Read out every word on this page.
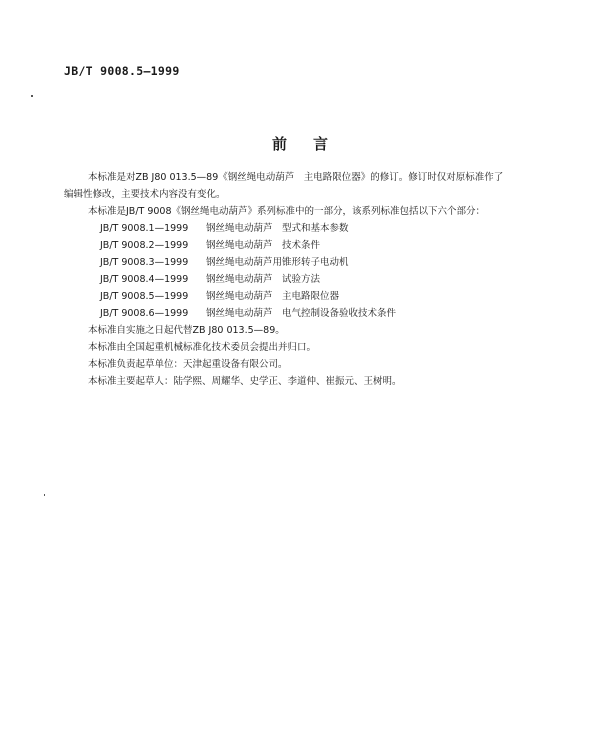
JB/T 9008.5—1999
前言
本标准是对ZB J80 013.5—89《钢丝绳电动葫芦　主电路限位器》的修订。修订时仅对原标准作了
编辑性修改，主要技术内容没有变化。
本标准是JB/T 9008《钢丝绳电动葫芦》系列标准中的一部分，该系列标准包括以下六个部分：
JB/T 9008.1—1999 钢丝绳电动葫芦　型式和基本参数
JB/T 9008.2—1999 钢丝绳电动葫芦　技术条件
JB/T 9008.3—1999 钢丝绳电动葫芦用锥形转子电动机
JB/T 9008.4—1999 钢丝绳电动葫芦　试验方法
JB/T 9008.5—1999 钢丝绳电动葫芦　主电路限位器
JB/T 9008.6—1999 钢丝绳电动葫芦　电气控制设备验收技术条件
本标准自实施之日起代替ZB J80 013.5—89。
本标准由全国起重机械标准化技术委员会提出并归口。
本标准负责起草单位：天津起重设备有限公司。
本标准主要起草人：陆学熙、周耀华、史学正、李道仲、崔振元、王树明。
